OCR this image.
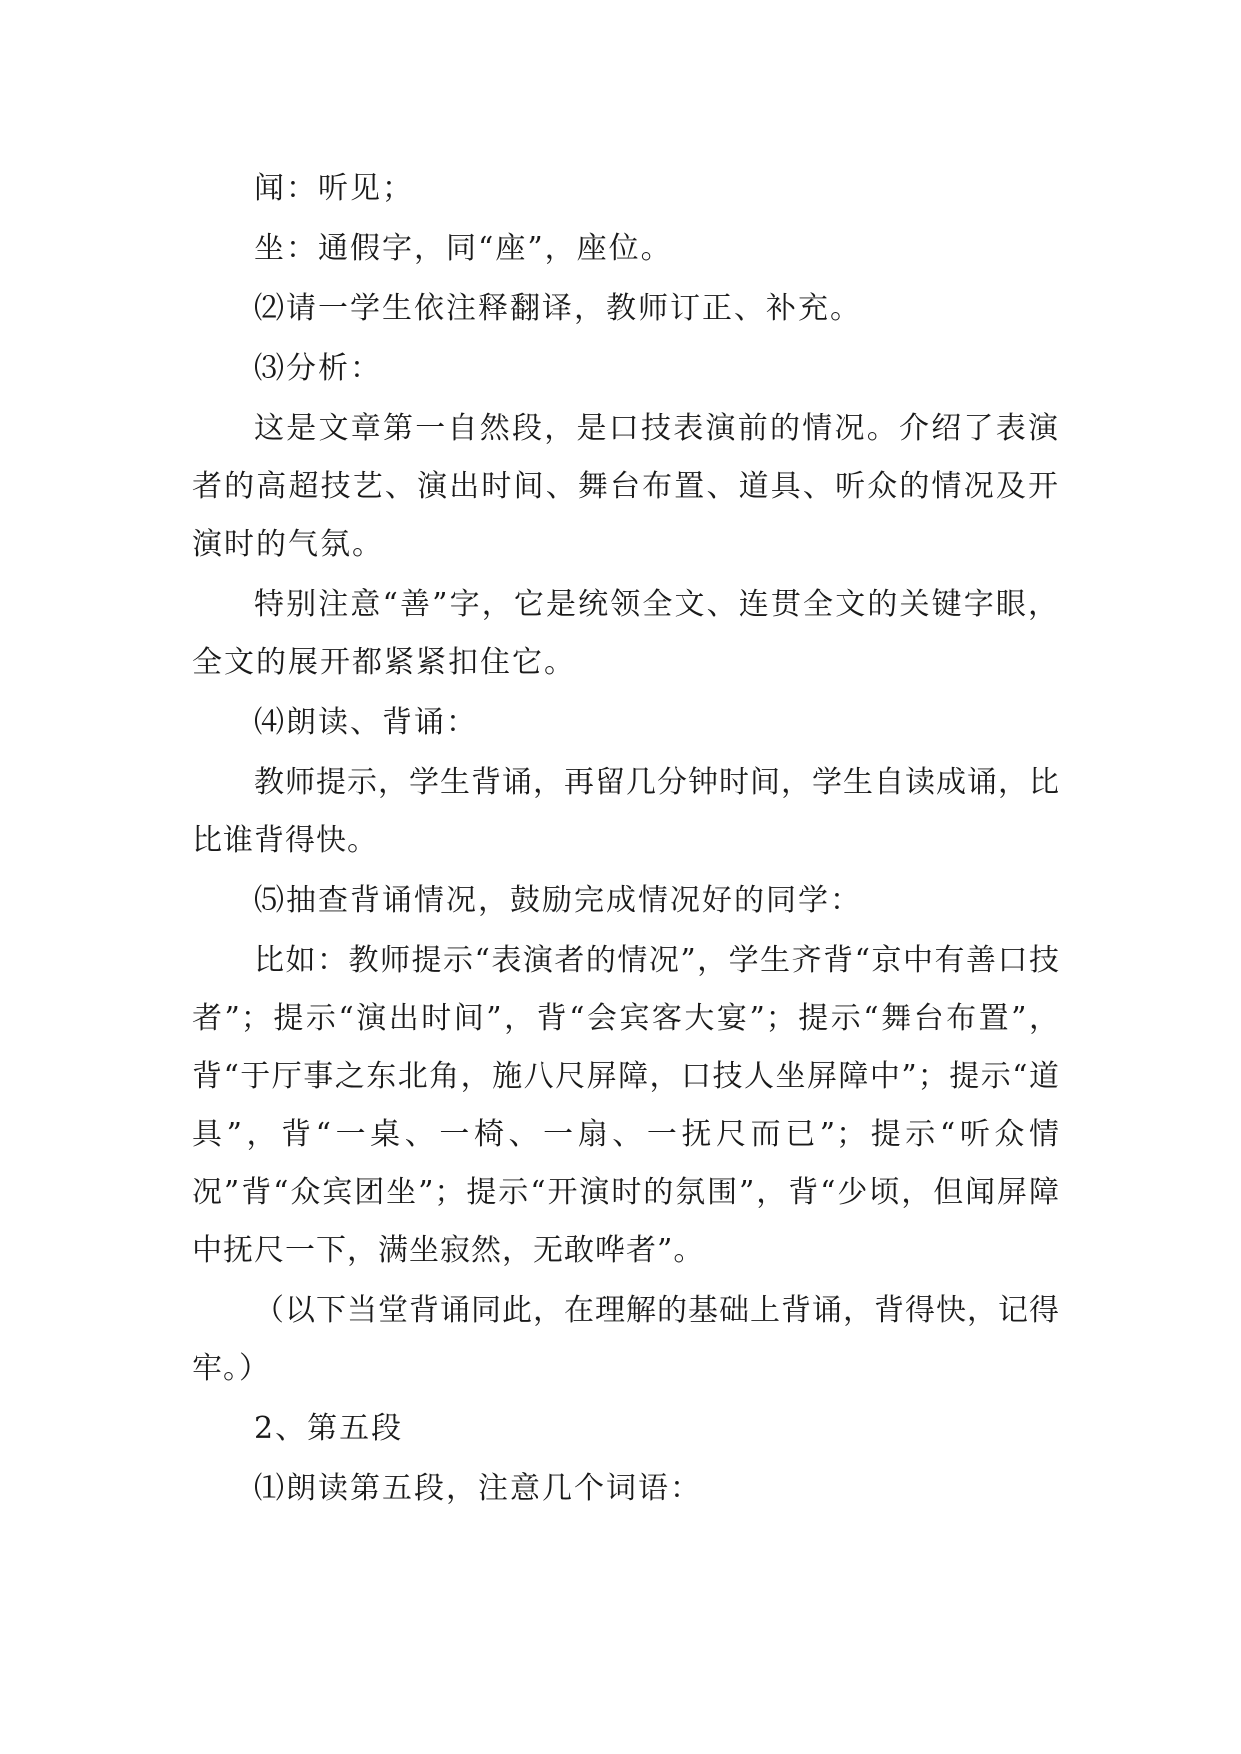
闻：听见；

坐：通假字，同“座”，座位。

⑵请一学生依注释翻译，教师订正、补充。

⑶分析：

这是文章第一自然段，是口技表演前的情况。介绍了表演者的高超技艺、演出时间、舞台布置、道具、听众的情况及开演时的气氛。

特别注意“善”字，它是统领全文、连贯全文的关键字眼，全文的展开都紧紧扣住它。

⑷朗读、背诵：

教师提示，学生背诵，再留几分钟时间，学生自读成诵，比比谁背得快。

⑸抽查背诵情况，鼓励完成情况好的同学：

比如：教师提示“表演者的情况”，学生齐背“京中有善口技者”；提示“演出时间”，背“会宾客大宴”；提示“舞台布置”，背“于厅事之东北角，施八尺屏障，口技人坐屏障中”；提示“道具”，背“一桌、一椅、一扇、一抚尺而已”；提示“听众情况”背“众宾团坐”；提示“开演时的氛围”，背“少顷，但闻屏障中抚尺一下，满坐寂然，无敢哗者”。

（以下当堂背诵同此，在理解的基础上背诵，背得快，记得牢。）

2、第五段

⑴朗读第五段，注意几个词语：
